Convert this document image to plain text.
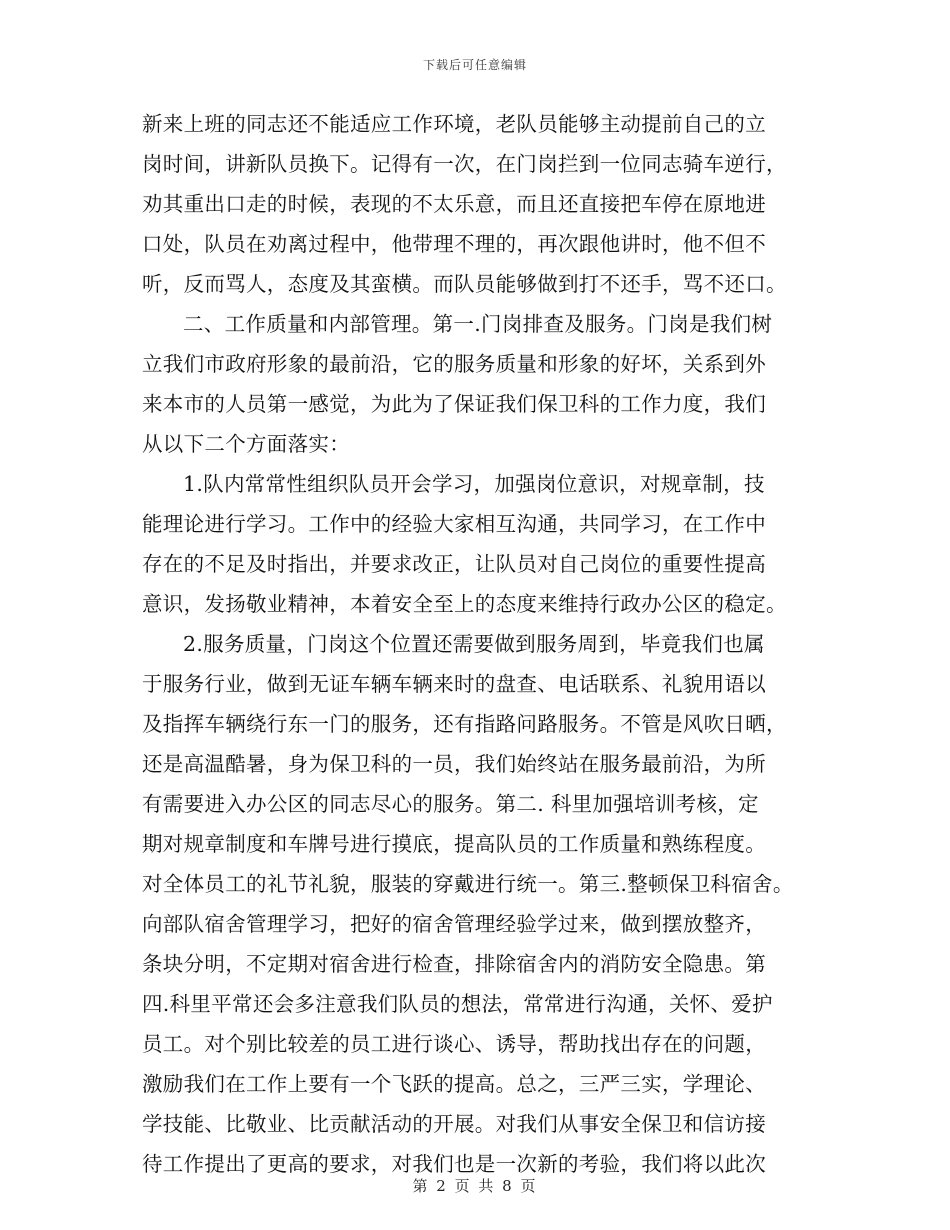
下载后可任意编辑
新来上班的同志还不能适应工作环境，老队员能够主动提前自己的立
岗时间，讲新队员换下。记得有一次，在门岗拦到一位同志骑车逆行，
劝其重出口走的时候，表现的不太乐意，而且还直接把车停在原地进
口处，队员在劝离过程中，他带理不理的，再次跟他讲时，他不但不
听，反而骂人，态度及其蛮横。而队员能够做到打不还手，骂不还口。
二、工作质量和内部管理。第一.门岗排查及服务。门岗是我们树
立我们市政府形象的最前沿，它的服务质量和形象的好坏，关系到外
来本市的人员第一感觉，为此为了保证我们保卫科的工作力度，我们
从以下二个方面落实：
1.队内常常性组织队员开会学习，加强岗位意识，对规章制，技
能理论进行学习。工作中的经验大家相互沟通，共同学习，在工作中
存在的不足及时指出，并要求改正，让队员对自己岗位的重要性提高
意识，发扬敬业精神，本着安全至上的态度来维持行政办公区的稳定。
2.服务质量，门岗这个位置还需要做到服务周到，毕竟我们也属
于服务行业，做到无证车辆车辆来时的盘查、电话联系、礼貌用语以
及指挥车辆绕行东一门的服务，还有指路问路服务。不管是风吹日晒，
还是高温酷暑，身为保卫科的一员，我们始终站在服务最前沿，为所
有需要进入办公区的同志尽心的服务。第二. 科里加强培训考核，定
期对规章制度和车牌号进行摸底，提高队员的工作质量和熟练程度。
对全体员工的礼节礼貌，服装的穿戴进行统一。第三.整顿保卫科宿舍。
向部队宿舍管理学习，把好的宿舍管理经验学过来，做到摆放整齐，
条块分明，不定期对宿舍进行检查，排除宿舍内的消防安全隐患。第
四.科里平常还会多注意我们队员的想法，常常进行沟通，关怀、爱护
员工。对个别比较差的员工进行谈心、诱导，帮助找出存在的问题，
激励我们在工作上要有一个飞跃的提高。总之，三严三实，学理论、
学技能、比敬业、比贡献活动的开展。对我们从事安全保卫和信访接
待工作提出了更高的要求，对我们也是一次新的考验，我们将以此次
第 2 页 共 8 页
